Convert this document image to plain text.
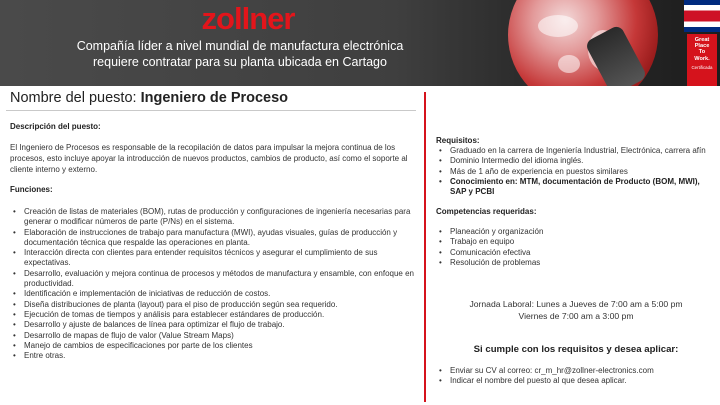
zollner
Compañía líder a nivel mundial de manufactura electrónica
requiere contratar para su planta ubicada en Cartago
Great
Place
To
Work.
Certificada
Nombre del puesto: Ingeniero de Proceso
Descripción del puesto:
El Ingeniero de Procesos es responsable de la recopilación de datos para impulsar la mejora continua de los procesos, esto incluye apoyar la introducción de nuevos productos, cambios de producto, así como el soporte al cliente interno y externo.
Funciones:
• Creación de listas de materiales (BOM), rutas de producción y configuraciones de ingeniería necesarias para generar o modificar números de parte (P/Ns) en el sistema.
• Elaboración de instrucciones de trabajo para manufactura (MWI), ayudas visuales, guías de producción y documentación técnica que respalde las operaciones en planta.
• Interacción directa con clientes para entender requisitos técnicos y asegurar el cumplimiento de sus expectativas.
• Desarrollo, evaluación y mejora continua de procesos y métodos de manufactura y ensamble, con enfoque en productividad.
• Identificación e implementación de iniciativas de reducción de costos.
• Diseña distribuciones de planta (layout) para el piso de producción según sea requerido.
• Ejecución de tomas de tiempos y análisis para establecer estándares de producción.
• Desarrollo y ajuste de balances de línea para optimizar el flujo de trabajo.
• Desarrollo de mapas de flujo de valor (Value Stream Maps)
• Manejo de cambios de especificaciones por parte de los clientes
• Entre otras.
Requisitos:
• Graduado en la carrera de Ingeniería Industrial, Electrónica, carrera afín
• Dominio Intermedio del idioma inglés.
• Más de 1 año de experiencia en puestos similares
• Conocimiento en: MTM, documentación de Producto (BOM, MWI), SAP y PCBI
Competencias requeridas:
• Planeación y organización
• Trabajo en equipo
• Comunicación efectiva
• Resolución de problemas
Jornada Laboral: Lunes a Jueves de 7:00 am a 5:00 pm
Viernes de 7:00 am a 3:00 pm
Si cumple con los requisitos y desea aplicar:
• Enviar su CV al correo: cr_m_hr@zollner-electronics.com
• Indicar el nombre del puesto al que desea aplicar.
